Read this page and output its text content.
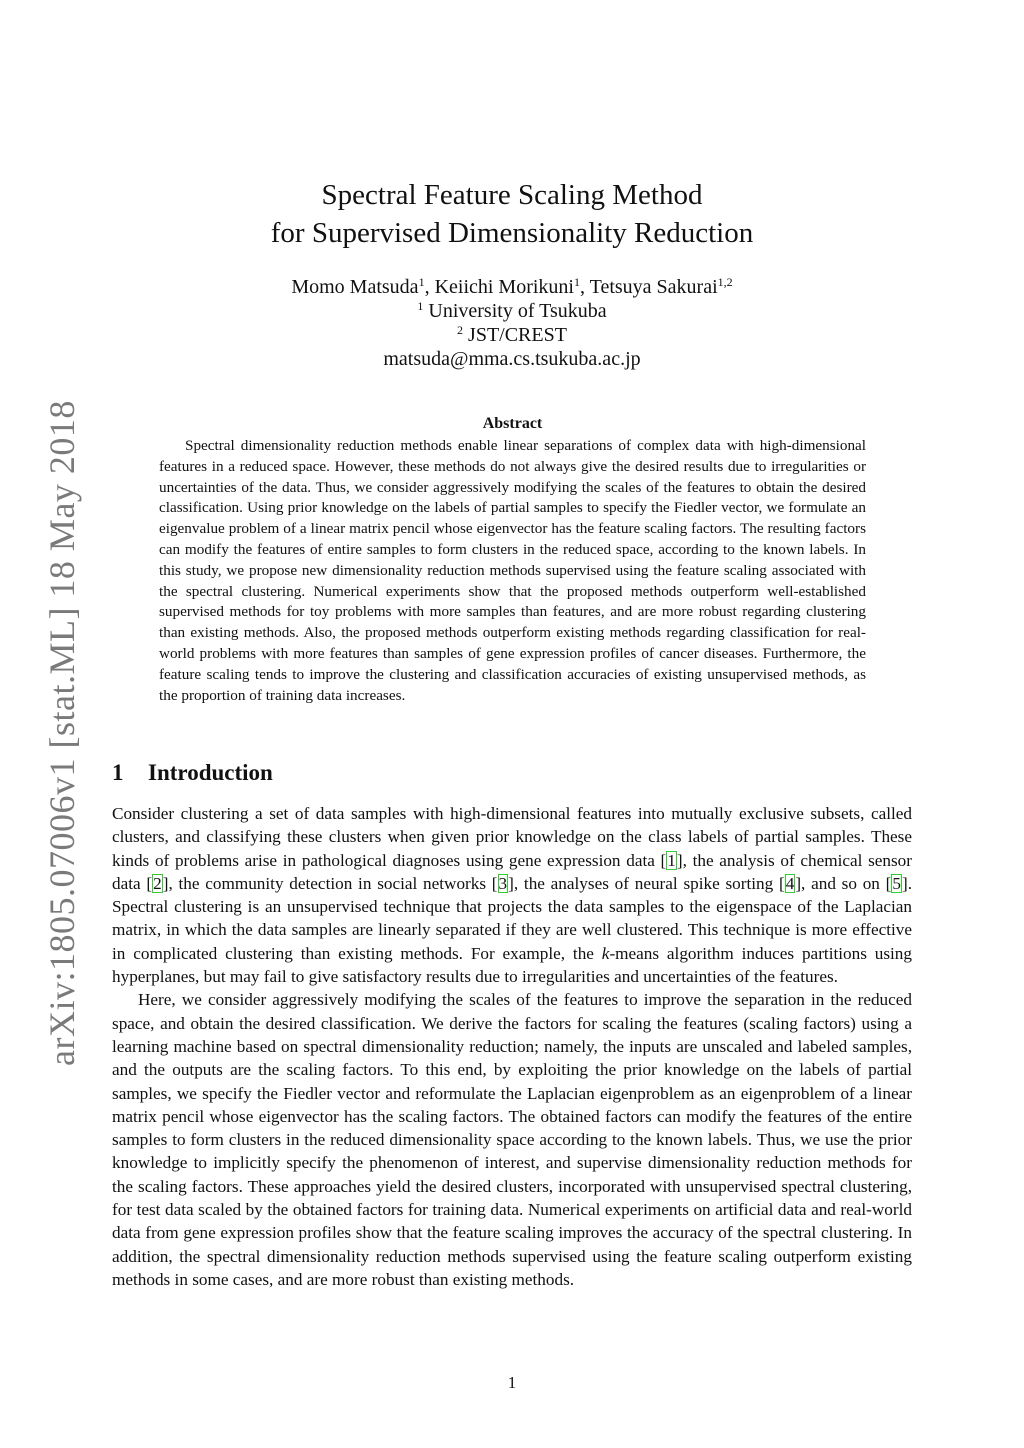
arXiv:1805.07006v1 [stat.ML] 18 May 2018
Spectral Feature Scaling Method
for Supervised Dimensionality Reduction
Momo Matsuda$^1$, Keiichi Morikuni$^1$, Tetsuya Sakurai$^{1,2}$
$^1$ University of Tsukuba
$^2$ JST/CREST
matsuda@mma.cs.tsukuba.ac.jp
Abstract

Spectral dimensionality reduction methods enable linear separations of complex data with high-dimensional features in a reduced space. However, these methods do not always give the desired results due to irregularities or uncertainties of the data. Thus, we consider aggressively modifying the scales of the features to obtain the desired classification. Using prior knowledge on the labels of partial samples to specify the Fiedler vector, we formulate an eigenvalue problem of a linear matrix pencil whose eigenvector has the feature scaling factors. The resulting factors can modify the features of entire samples to form clusters in the reduced space, according to the known labels. In this study, we propose new dimensionality reduction methods supervised using the feature scaling associated with the spectral clustering. Numerical experiments show that the proposed methods outperform well-established supervised methods for toy problems with more samples than features, and are more robust regarding clustering than existing methods. Also, the proposed methods outperform existing methods regarding classification for real-world problems with more features than samples of gene expression profiles of cancer diseases. Furthermore, the feature scaling tends to improve the clustering and classification accuracies of existing unsupervised methods, as the proportion of training data increases.

1 Introduction

Consider clustering a set of data samples with high-dimensional features into mutually exclusive subsets, called clusters, and classifying these clusters when given prior knowledge on the class labels of partial samples. These kinds of problems arise in pathological diagnoses using gene expression data [1], the analysis of chemical sensor data [2], the community detection in social networks [3], the analyses of neural spike sorting [4], and so on [5]. Spectral clustering is an unsupervised technique that projects the data samples to the eigenspace of the Laplacian matrix, in which the data samples are linearly separated if they are well clustered. This technique is more effective in complicated clustering than existing methods. For example, the k-means algorithm induces partitions using hyperplanes, but may fail to give satisfactory results due to irregularities and uncertainties of the features.

Here, we consider aggressively modifying the scales of the features to improve the separation in the reduced space, and obtain the desired classification. We derive the factors for scaling the features (scaling factors) using a learning machine based on spectral dimensionality reduction; namely, the inputs are unscaled and labeled samples, and the outputs are the scaling factors. To this end, by exploiting the prior knowledge on the labels of partial samples, we specify the Fiedler vector and reformulate the Laplacian eigenproblem as an eigenproblem of a linear matrix pencil whose eigenvector has the scaling factors. The obtained factors can modify the features of the entire samples to form clusters in the reduced dimensionality space according to the known labels. Thus, we use the prior knowledge to implicitly specify the phenomenon of interest, and supervise dimensionality reduction methods for the scaling factors. These approaches yield the desired clusters, incorporated with unsupervised spectral clustering, for test data scaled by the obtained factors for training data. Numerical experiments on artificial data and real-world data from gene expression profiles show that the feature scaling improves the accuracy of the spectral clustering. In addition, the spectral dimensionality reduction methods supervised using the feature scaling outperform existing methods in some cases, and are more robust than existing methods.

1
